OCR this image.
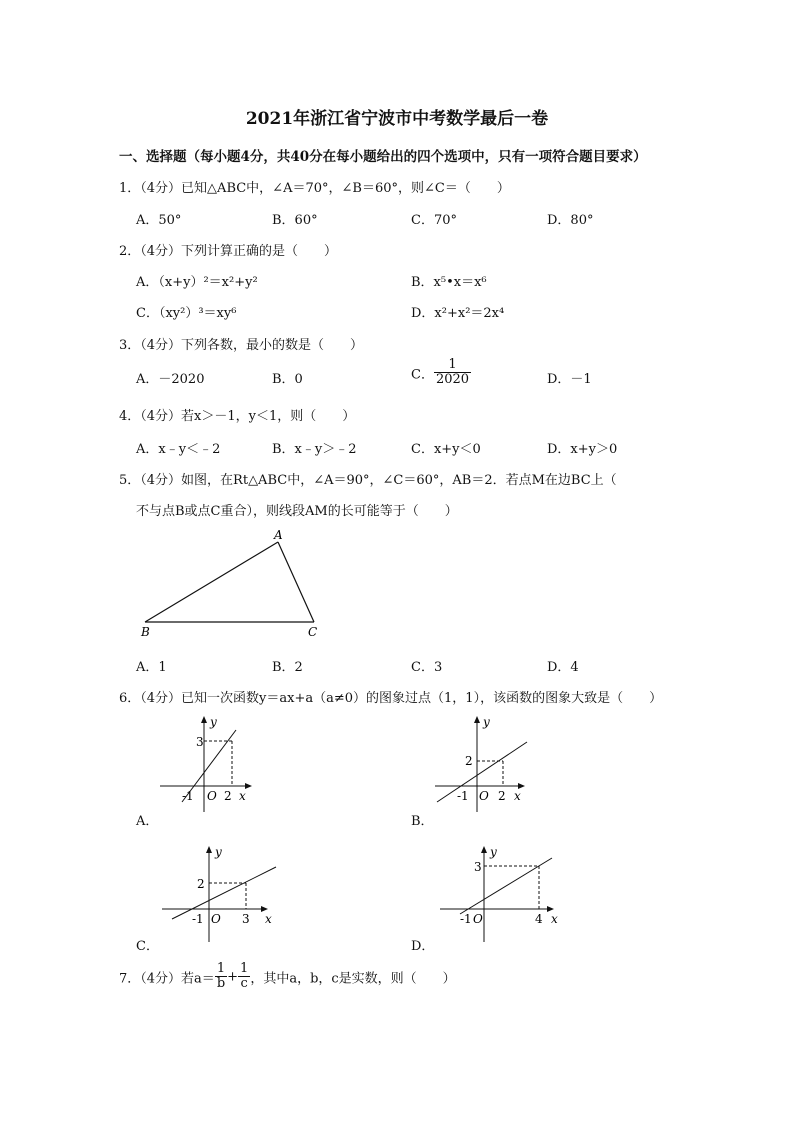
2021年浙江省宁波市中考数学最后一卷
一、选择题（每小题4分，共40分在每小题给出的四个选项中，只有一项符合题目要求）
1．（4分）已知△ABC中，∠A＝70°，∠B＝60°，则∠C＝（　　）
A．50°	B．60°	C．70°	D．80°
2．（4分）下列计算正确的是（　　）
A．（x+y）²＝x²+y²	B．x⁵•x＝x⁶
C．（xy²）³＝xy⁶	D．x²+x²＝2x⁴
3．（4分）下列各数，最小的数是（　　）
A．－2020	B．0	C． $\frac{1}{2020}$	D．－1
4．（4分）若x＞－1，y＜1，则（　　）
A．x﹣y＜﹣2	B．x﹣y＞﹣2	C．x+y＜0	D．x+y＞0
5．（4分）如图，在Rt△ABC中，∠A＝90°，∠C＝60°，AB＝2．若点M在边BC上（
不与点B或点C重合），则线段AM的长可能等于（　　）
A
B	C
A．1	B．2	C．3	D．4
6．（4分）已知一次函数y＝ax+a（a≠0）的图象过点（1，1），该函数的图象大致是（　　）
y
3
-1 O 2 x
A．
y
2
-1 O 2 x
B．
y
2
-1 O 3 x
C．
y
3
-1 O	4 x
D．
7．（4分）若$a= \frac{1}{b} + \frac{1}{c}$ ，其中a，b，c是实数，则（　　）
